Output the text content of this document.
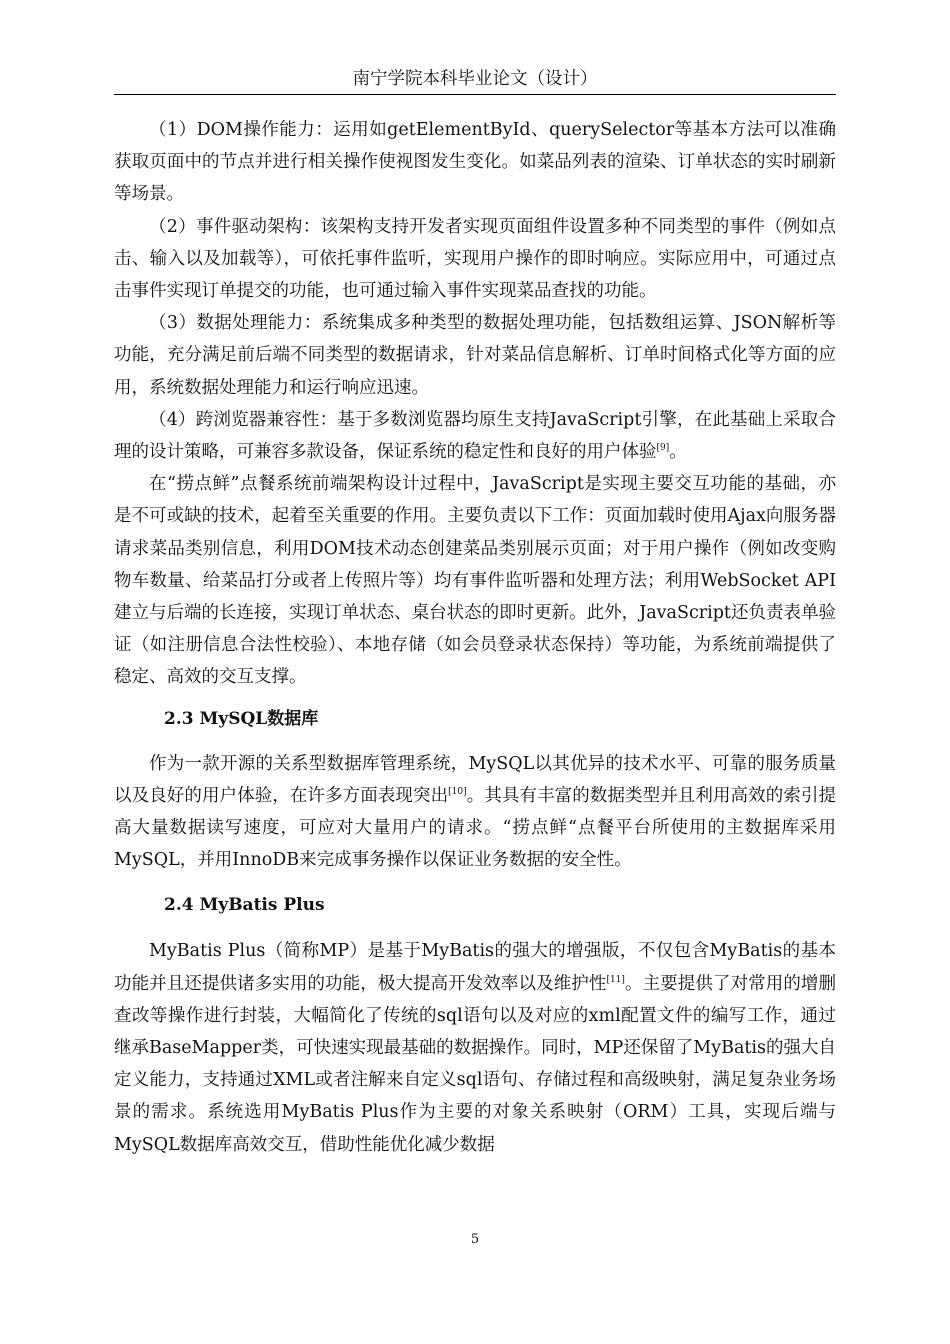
南宁学院本科毕业论文（设计）

（1）DOM操作能力：运用如getElementById、querySelector等基本方法可以准确获取页面中的节点并进行相关操作使视图发生变化。如菜品列表的渲染、订单状态的实时刷新等场景。

（2）事件驱动架构：该架构支持开发者实现页面组件设置多种不同类型的事件（例如点击、输入以及加载等），可依托事件监听，实现用户操作的即时响应。实际应用中，可通过点击事件实现订单提交的功能，也可通过输入事件实现菜品查找的功能。

（3）数据处理能力：系统集成多种类型的数据处理功能，包括数组运算、JSON解析等功能，充分满足前后端不同类型的数据请求，针对菜品信息解析、订单时间格式化等方面的应用，系统数据处理能力和运行响应迅速。

（4）跨浏览器兼容性：基于多数浏览器均原生支持JavaScript引擎，在此基础上采取合理的设计策略，可兼容多款设备，保证系统的稳定性和良好的用户体验[9]。

在“捞点鲜”点餐系统前端架构设计过程中，JavaScript是实现主要交互功能的基础，亦是不可或缺的技术，起着至关重要的作用。主要负责以下工作：页面加载时使用Ajax向服务器请求菜品类别信息，利用DOM技术动态创建菜品类别展示页面；对于用户操作（例如改变购物车数量、给菜品打分或者上传照片等）均有事件监听器和处理方法；利用WebSocket API建立与后端的长连接，实现订单状态、桌台状态的即时更新。此外，JavaScript还负责表单验证（如注册信息合法性校验）、本地存储（如会员登录状态保持）等功能，为系统前端提供了稳定、高效的交互支撑。

2.3 MySQL数据库

作为一款开源的关系型数据库管理系统，MySQL以其优异的技术水平、可靠的服务质量以及良好的用户体验，在许多方面表现突出[10]。其具有丰富的数据类型并且利用高效的索引提高大量数据读写速度，可应对大量用户的请求。“捞点鲜“点餐平台所使用的主数据库采用MySQL，并用InnoDB来完成事务操作以保证业务数据的安全性。

2.4 MyBatis Plus

MyBatis Plus（简称MP）是基于MyBatis的强大的增强版，不仅包含MyBatis的基本功能并且还提供诸多实用的功能，极大提高开发效率以及维护性[11]。主要提供了对常用的增删查改等操作进行封装，大幅简化了传统的sql语句以及对应的xml配置文件的编写工作，通过继承BaseMapper类，可快速实现最基础的数据操作。同时，MP还保留了MyBatis的强大自定义能力，支持通过XML或者注解来自定义sql语句、存储过程和高级映射，满足复杂业务场景的需求。系统选用MyBatis Plus作为主要的对象关系映射（ORM）工具，实现后端与MySQL数据库高效交互，借助性能优化减少数据

5
